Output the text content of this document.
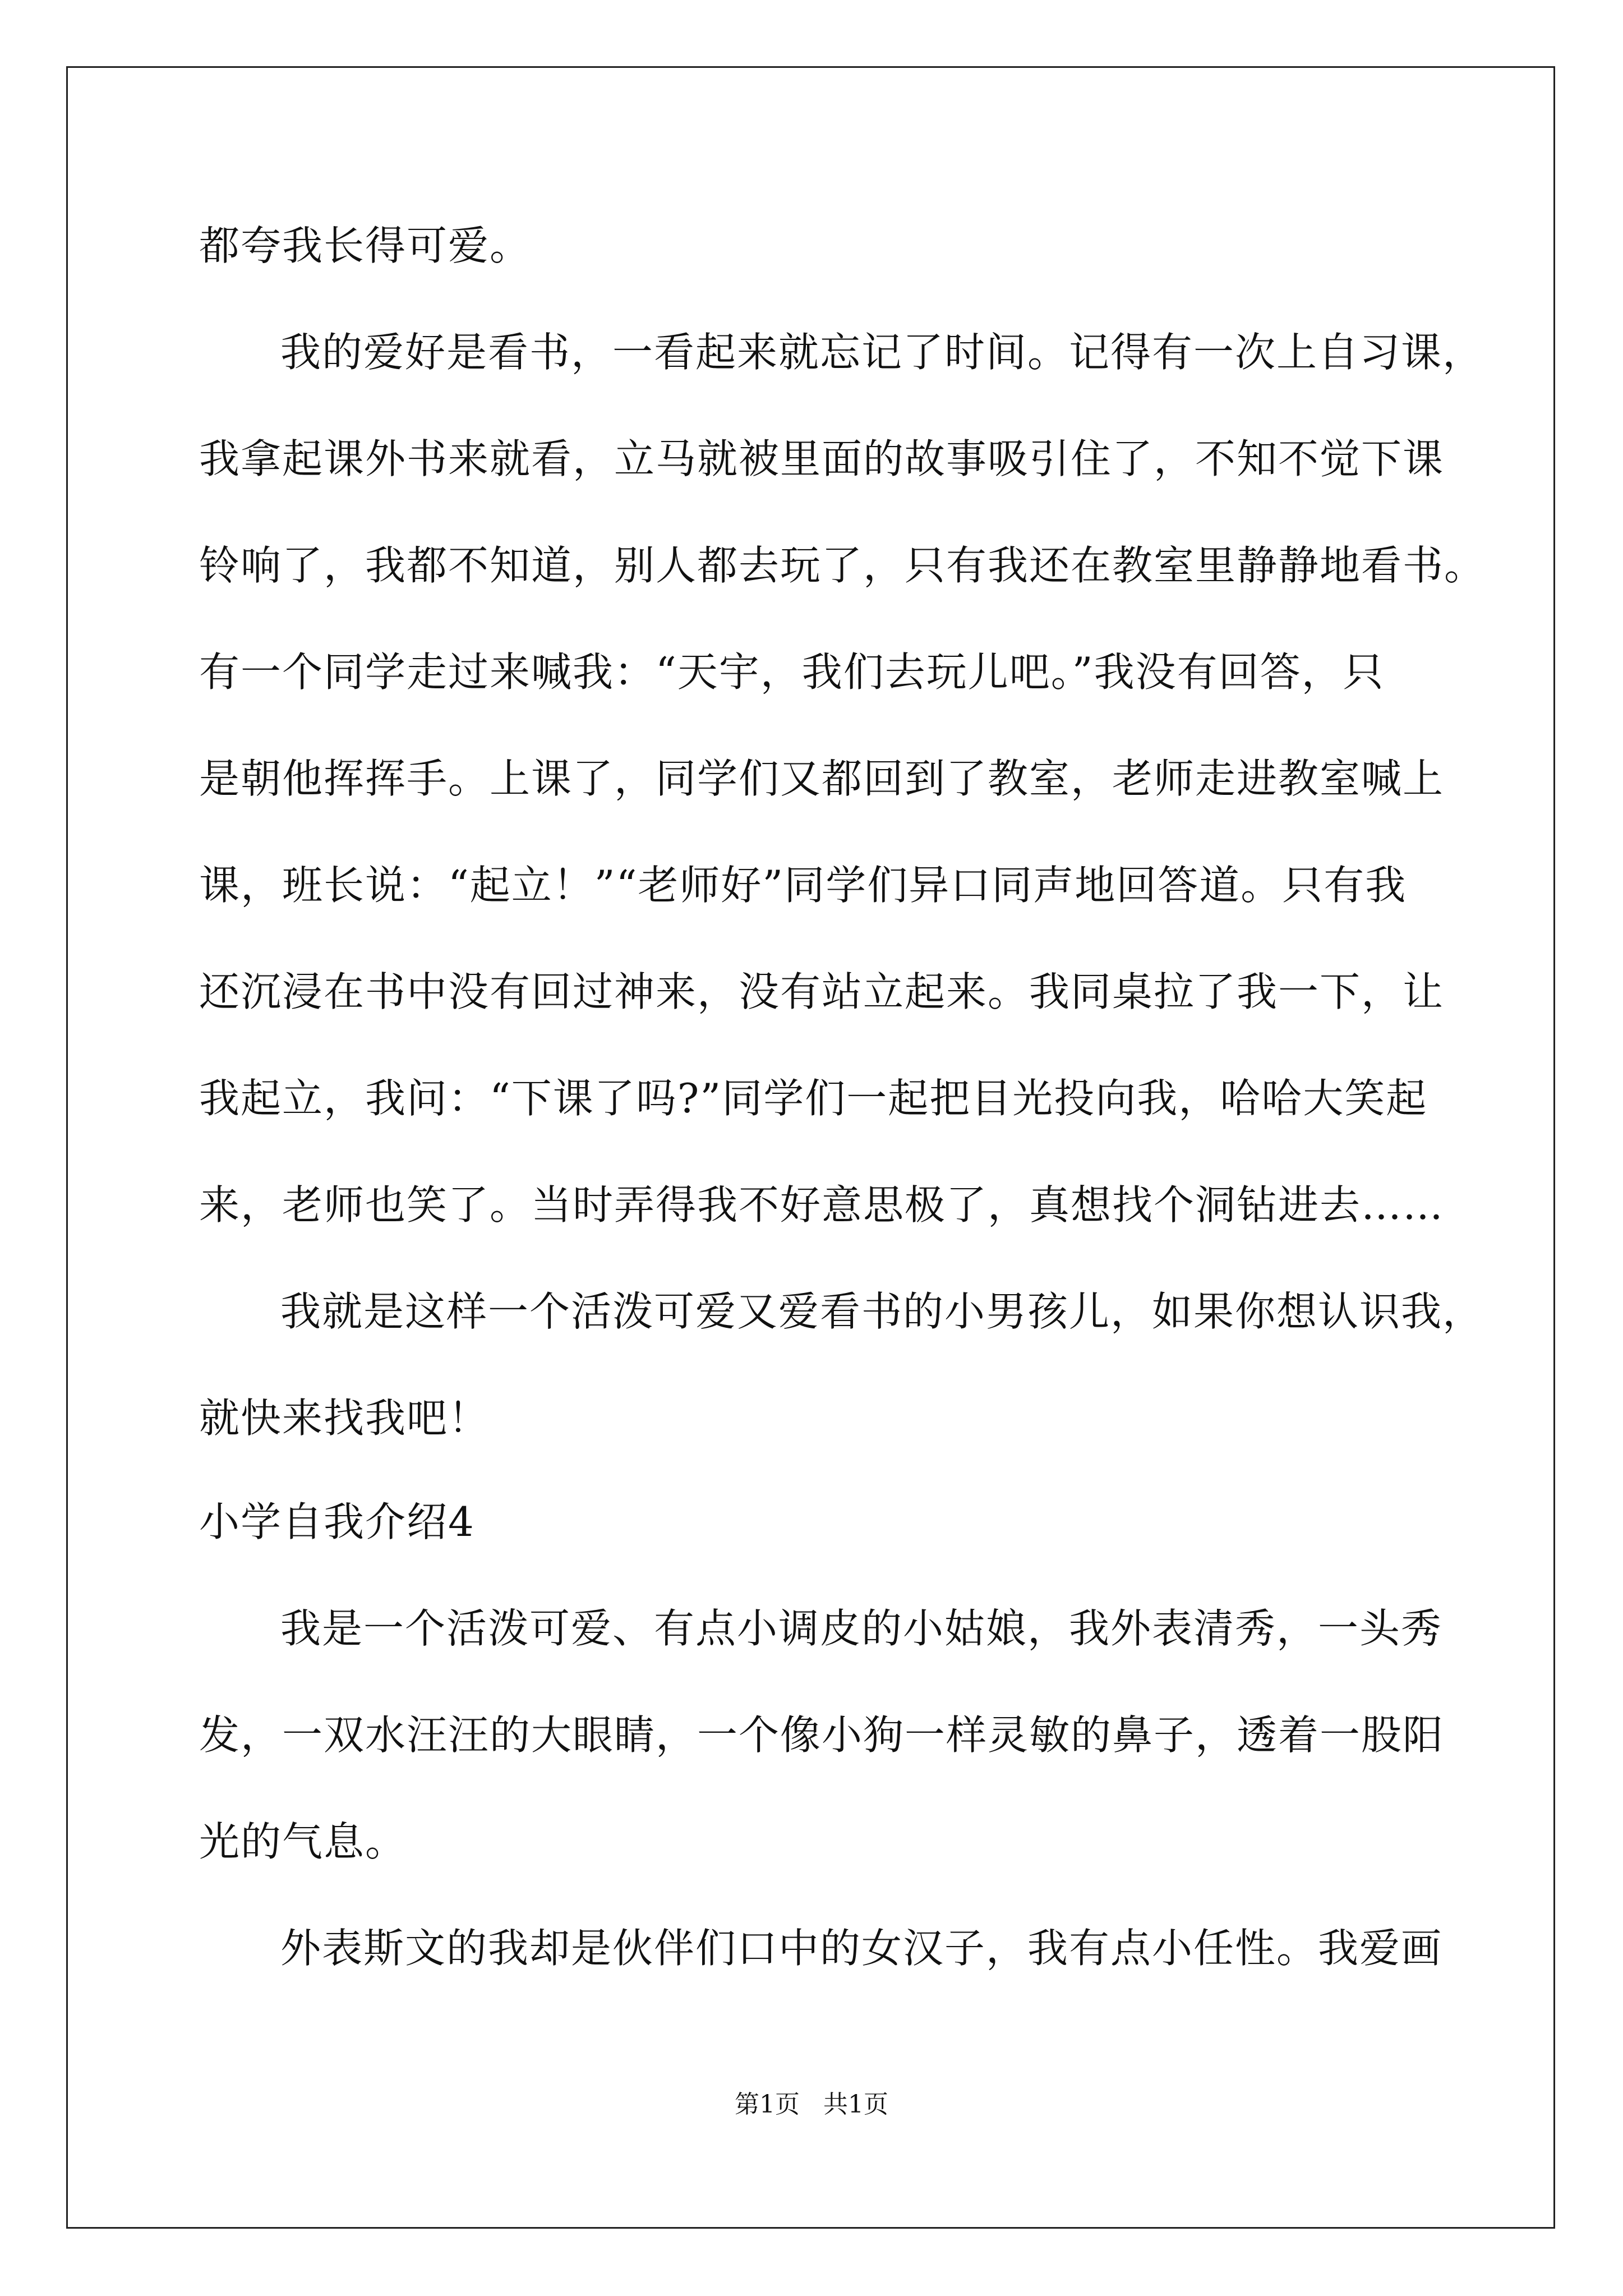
都夸我长得可爱。
我的爱好是看书，一看起来就忘记了时间。记得有一次上自习课，
我拿起课外书来就看，立马就被里面的故事吸引住了，不知不觉下课
铃响了，我都不知道，别人都去玩了，只有我还在教室里静静地看书。
有一个同学走过来喊我：“天宇，我们去玩儿吧。”我没有回答，只
是朝他挥挥手。上课了，同学们又都回到了教室，老师走进教室喊上
课，班长说：“起立！”“老师好”同学们异口同声地回答道。只有我
还沉浸在书中没有回过神来，没有站立起来。我同桌拉了我一下，让
我起立，我问：“下课了吗?”同学们一起把目光投向我，哈哈大笑起
来，老师也笑了。当时弄得我不好意思极了，真想找个洞钻进去……
我就是这样一个活泼可爱又爱看书的小男孩儿，如果你想认识我，
就快来找我吧！
小学自我介绍4
我是一个活泼可爱、有点小调皮的小姑娘，我外表清秀，一头秀
发，一双水汪汪的大眼睛，一个像小狗一样灵敏的鼻子，透着一股阳
光的气息。
外表斯文的我却是伙伴们口中的女汉子，我有点小任性。我爱画
第1页   共1页
